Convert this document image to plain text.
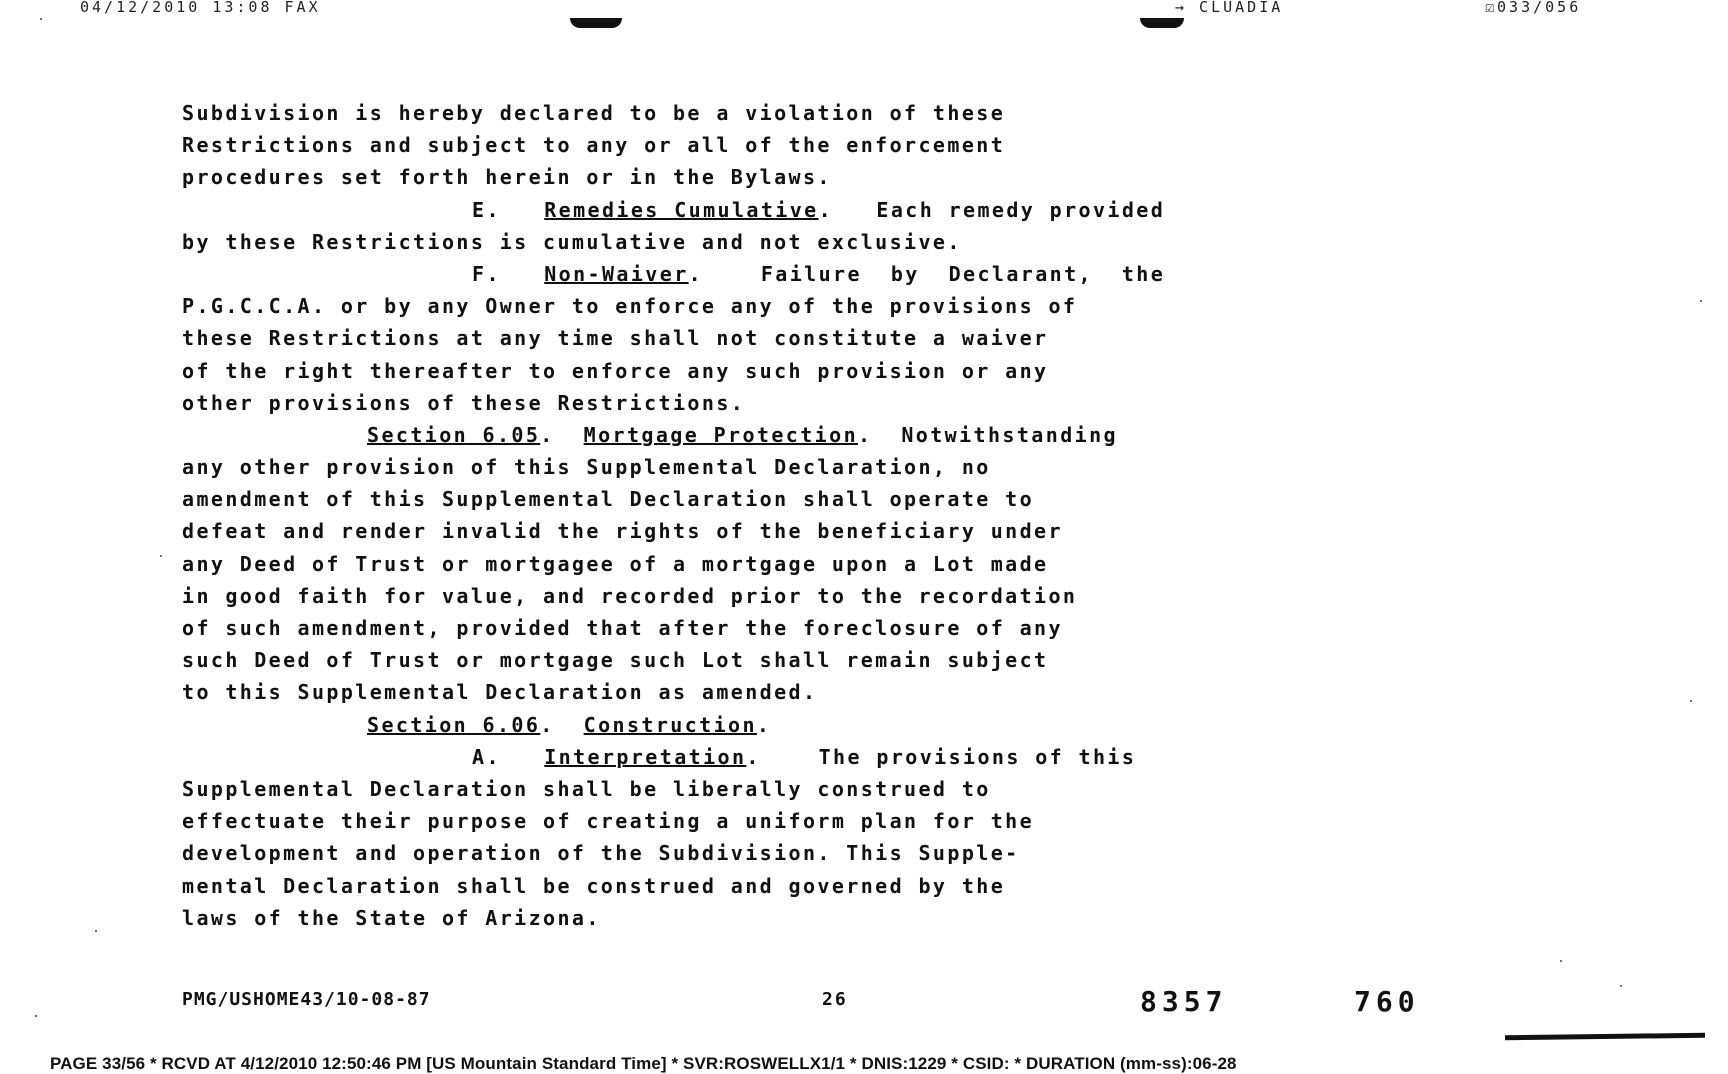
04/12/2010 13:08 FAX	→ CLUADIA	☑033/056
Subdivision is hereby declared to be a violation of these
Restrictions and subject to any or all of the enforcement
procedures set forth herein or in the Bylaws.
E. Remedies Cumulative.   Each remedy provided
by these Restrictions is cumulative and not exclusive.
F. Non-Waiver.    Failure  by  Declarant,  the
P.G.C.C.A. or by any Owner to enforce any of the provisions of
these Restrictions at any time shall not constitute a waiver
of the right thereafter to enforce any such provision or any
other provisions of these Restrictions.
Section 6.05.  Mortgage Protection.  Notwithstanding
any other provision of this Supplemental Declaration, no
amendment of this Supplemental Declaration shall operate to
defeat and render invalid the rights of the beneficiary under
any Deed of Trust or mortgagee of a mortgage upon a Lot made
in good faith for value, and recorded prior to the recordation
of such amendment, provided that after the foreclosure of any
such Deed of Trust or mortgage such Lot shall remain subject
to this Supplemental Declaration as amended.
Section 6.06.  Construction.
A. Interpretation.    The provisions of this
Supplemental Declaration shall be liberally construed to
effectuate their purpose of creating a uniform plan for the
development and operation of the Subdivision. This Supple-
mental Declaration shall be construed and governed by the
laws of the State of Arizona.
PMG/USHOME43/10-08-87	26	8357	760
PAGE 33/56 * RCVD AT 4/12/2010 12:50:46 PM [US Mountain Standard Time] * SVR:ROSWELLX1/1 * DNIS:1229 * CSID: * DURATION (mm-ss):06-28
